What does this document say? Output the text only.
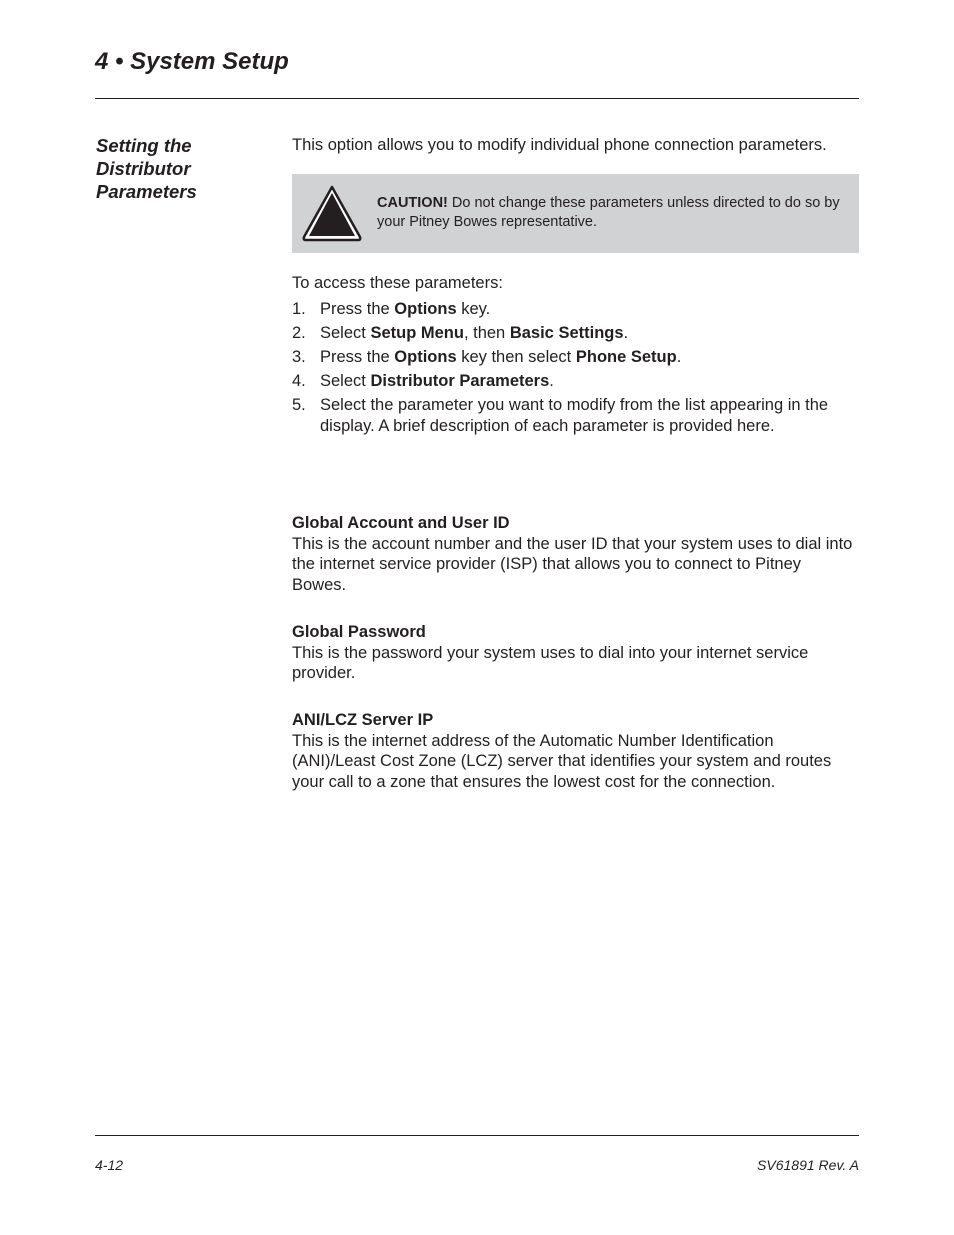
4 • System Setup
Setting the
Distributor
Parameters

This option allows you to modify individual phone connection parameters.

CAUTION! Do not change these parameters unless directed to do so by your Pitney Bowes representative.

To access these parameters:

1. Press the Options key.
2. Select Setup Menu, then Basic Settings.
3. Press the Options key then select Phone Setup.
4. Select Distributor Parameters.
5. Select the parameter you want to modify from the list appearing in the display. A brief description of each parameter is provided here.
Global Account and User ID

This is the account number and the user ID that your system uses to dial into the internet service provider (ISP) that allows you to connect to Pitney Bowes.

Global Password

This is the password your system uses to dial into your internet service provider.

ANI/LCZ Server IP

This is the internet address of the Automatic Number Identification (ANI)/Least Cost Zone (LCZ) server that identifies your system and routes your call to a zone that ensures the lowest cost for the connection.

4-12	SV61891 Rev. A
